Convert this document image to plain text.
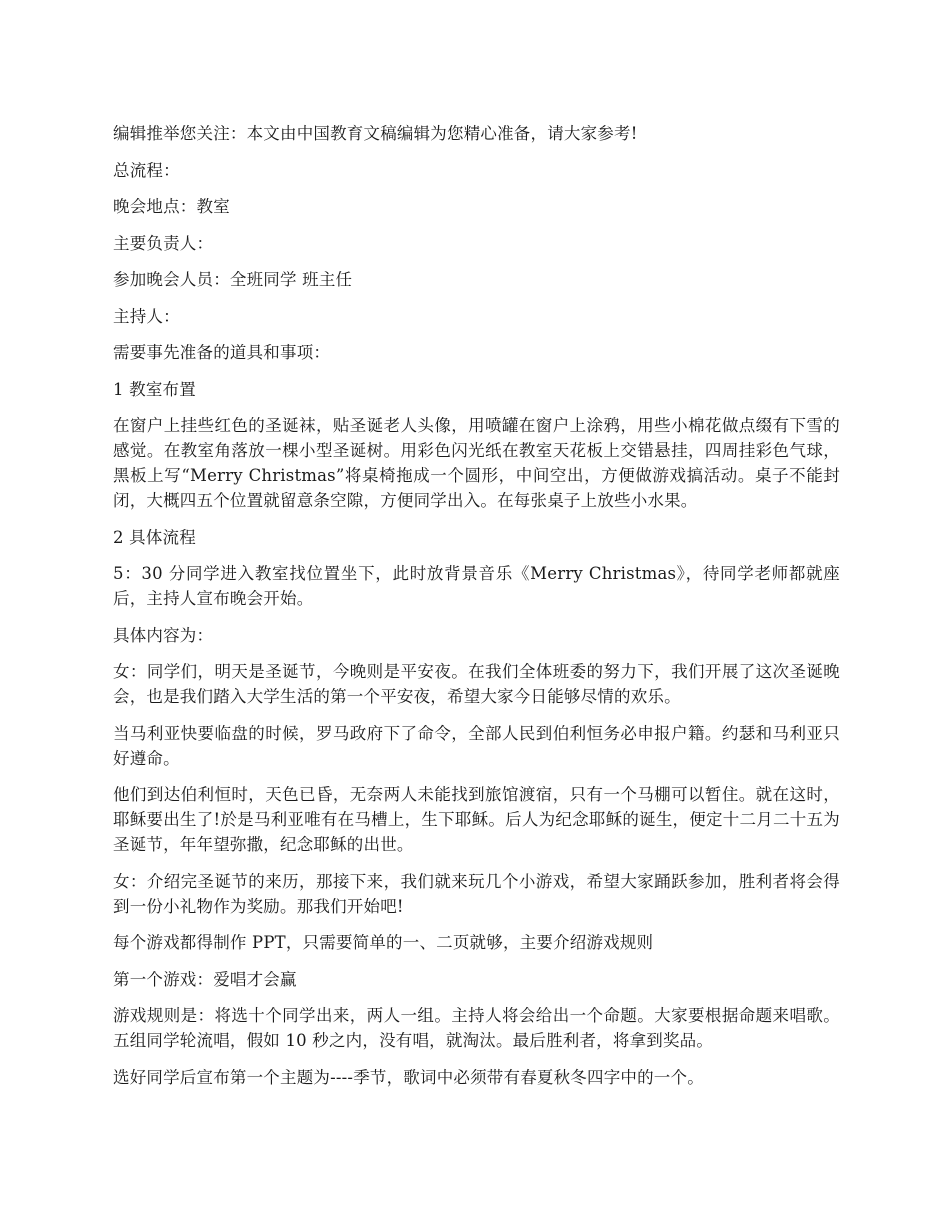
编辑推举您关注：本文由中国教育文稿编辑为您精心准备，请大家参考!

总流程：

晚会地点：教室

主要负责人：

参加晚会人员：全班同学 班主任

主持人：

需要事先准备的道具和事项：

1 教室布置

在窗户上挂些红色的圣诞袜，贴圣诞老人头像，用喷罐在窗户上涂鸦，用些小棉花做点缀有下雪的感觉。在教室角落放一棵小型圣诞树。用彩色闪光纸在教室天花板上交错悬挂，四周挂彩色气球，黑板上写“Merry Christmas”将桌椅拖成一个圆形，中间空出，方便做游戏搞活动。桌子不能封闭，大概四五个位置就留意条空隙，方便同学出入。在每张桌子上放些小水果。

2 具体流程

5：30 分同学进入教室找位置坐下，此时放背景音乐《Merry Christmas》，待同学老师都就座后，主持人宣布晚会开始。

具体内容为：

女：同学们，明天是圣诞节，今晚则是平安夜。在我们全体班委的努力下，我们开展了这次圣诞晚会，也是我们踏入大学生活的第一个平安夜，希望大家今日能够尽情的欢乐。

当马利亚快要临盘的时候，罗马政府下了命令，全部人民到伯利恒务必申报户籍。约瑟和马利亚只好遵命。

他们到达伯利恒时，天色已昏，无奈两人未能找到旅馆渡宿，只有一个马棚可以暂住。就在这时，耶稣要出生了!於是马利亚唯有在马槽上，生下耶稣。后人为纪念耶稣的诞生，便定十二月二十五为圣诞节，年年望弥撒，纪念耶稣的出世。

女：介绍完圣诞节的来历，那接下来，我们就来玩几个小游戏，希望大家踊跃参加，胜利者将会得到一份小礼物作为奖励。那我们开始吧!

每个游戏都得制作 PPT，只需要简单的一、二页就够，主要介绍游戏规则

第一个游戏：爱唱才会赢

游戏规则是：将选十个同学出来，两人一组。主持人将会给出一个命题。大家要根据命题来唱歌。五组同学轮流唱，假如 10 秒之内，没有唱，就淘汰。最后胜利者，将拿到奖品。

选好同学后宣布第一个主题为----季节，歌词中必须带有春夏秋冬四字中的一个。
